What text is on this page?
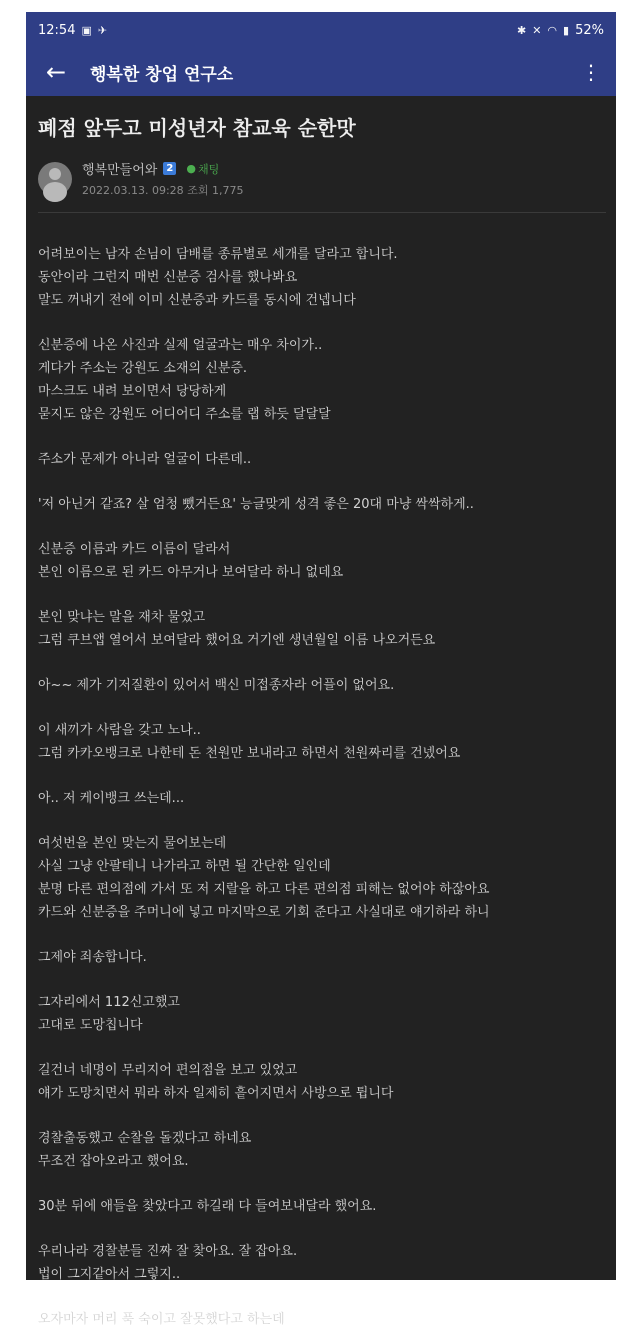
12:54 ▣ ✈	✱ ✕ ◠ ▮ 52%
←	행복한 창업 연구소	⋮
폐점 앞두고 미성년자 참교육 순한맛
행복만들어와 2 ● 채팅
2022.03.13. 09:28 조회 1,775
어려보이는 남자 손님이 담배를 종류별로 세개를 달라고 합니다.
동안이라 그런지 매번 신분증 검사를 했나봐요
말도 꺼내기 전에 이미 신분증과 카드를 동시에 건넵니다
신분증에 나온 사진과 실제 얼굴과는 매우 차이가..
게다가 주소는 강원도 소재의 신분증.
마스크도 내려 보이면서 당당하게
묻지도 않은 강원도 어디어디 주소를 랩 하듯 달달달
주소가 문제가 아니라 얼굴이 다른데..
'저 아닌거 같죠? 살 엄청 뺐거든요' 능글맞게 성격 좋은 20대 마냥 싹싹하게..
신분증 이름과 카드 이름이 달라서
본인 이름으로 된 카드 아무거나 보여달라 하니 없데요
본인 맞냐는 말을 재차 물었고
그럼 쿠브앱 열어서 보여달라 했어요 거기엔 생년월일 이름 나오거든요
아~~ 제가 기저질환이 있어서 백신 미접종자라 어플이 없어요.
이 새끼가 사람을 갖고 노나..
그럼 카카오뱅크로 나한테 돈 천원만 보내라고 하면서 천원짜리를 건넸어요
아.. 저 케이뱅크 쓰는데...
여섯번을 본인 맞는지 물어보는데
사실 그냥 안팔테니 나가라고 하면 될 간단한 일인데
분명 다른 편의점에 가서 또 저 지랄을 하고 다른 편의점 피해는 없어야 하잖아요
카드와 신분증을 주머니에 넣고 마지막으로 기회 준다고 사실대로 얘기하라 하니
그제야 죄송합니다.
그자리에서 112신고했고
고대로 도망칩니다
길건너 네명이 무리지어 편의점을 보고 있었고
얘가 도망치면서 뭐라 하자 일제히 흩어지면서 사방으로 튑니다
경찰출동했고 순찰을 돌겠다고 하네요
무조건 잡아오라고 했어요.
30분 뒤에 애들을 찾았다고 하길래 다 들여보내달라 했어요.
우리나라 경찰분들 진짜 잘 찾아요. 잘 잡아요.
법이 그지같아서 그렇지..
오자마자 머리 푹 숙이고 잘못했다고 하는데
